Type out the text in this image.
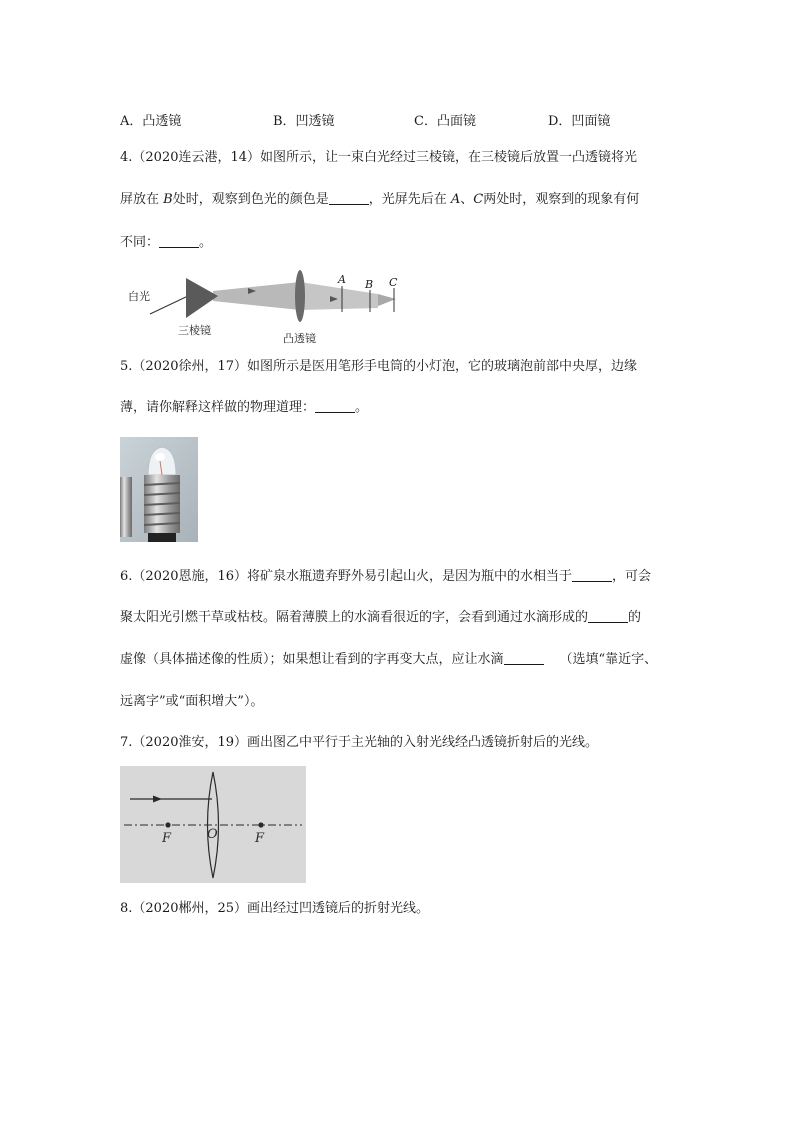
A．凸透镜	B．凹透镜	C．凸面镜	D．凹面镜
4.（2020连云港，14）如图所示，让一束白光经过三棱镜，在三棱镜后放置一凸透镜将光
屏放在 B处时，观察到色光的颜色是	，光屏先后在 A、C两处时，观察到的现象有何
不同：	。
白光
三棱镜
凸透镜
A B C
5.（2020徐州，17）如图所示是医用笔形手电筒的小灯泡，它的玻璃泡前部中央厚，边缘
薄，请你解释这样做的物理道理：	。
6.（2020恩施，16）将矿泉水瓶遗弃野外易引起山火，是因为瓶中的水相当于	，可会
聚太阳光引燃干草或枯枝。隔着薄膜上的水滴看很近的字，会看到通过水滴形成的	的
虚像（具体描述像的性质）；如果想让看到的字再变大点，应让水滴	（选填“靠近字、
远离字”或“面积增大”）。
7.（2020淮安，19）画出图乙中平行于主光轴的入射光线经凸透镜折射后的光线。
F	O	F
8.（2020郴州，25）画出经过凹透镜后的折射光线。
